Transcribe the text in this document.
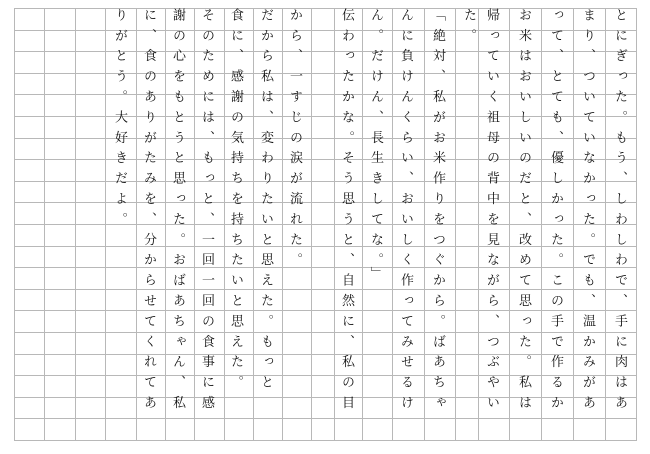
とにぎった。もう、しわしわで、手に肉はあ
まり、ついていなかった。でも、温かみがあ
って、とても、優しかった。この手で作るか
お米はおいしいのだと、改めて思った。私は
帰っていく祖母の背中を見ながら、つぶやい
た。
「絶対、私がお米作りをつぐから。ばあちゃ
んに負けんくらい、おいしく作ってみせるけ
ん。だけん、長生きしてな。」
伝わったかな。そう思うと、自然に、私の目
から、一すじの涙が流れた。
だから私は、変わりたいと思えた。もっと
食に、感謝の気持ちを持ちたいと思えた。
そのためには、もっと、一回一回の食事に感
謝の心をもとうと思った。おばあちゃん、私
に、食のありがたみを、分からせてくれてあ
りがとう。大好きだよ。
